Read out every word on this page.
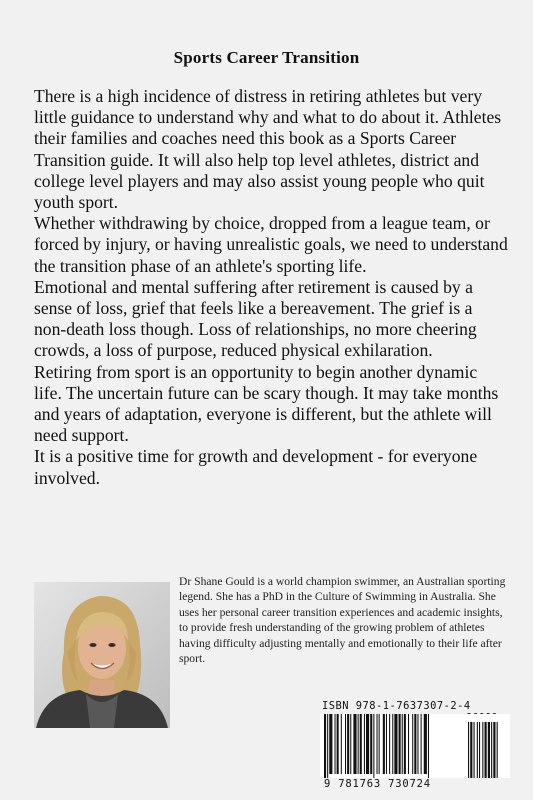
Sports Career Transition

There is a high incidence of distress in retiring athletes but very little guidance to understand why and what to do about it. Athletes their families and coaches need this book as a Sports Career Transition guide. It will also help top level athletes, district and college level players and may also assist young people who quit youth sport.

Whether withdrawing by choice, dropped from a league team, or forced by injury, or having unrealistic goals, we need to understand the transition phase of an athlete's sporting life.

Emotional and mental suffering after retirement is caused by a sense of loss, grief that feels like a bereavement. The grief is a non-death loss though. Loss of relationships, no more cheering crowds, a loss of purpose, reduced physical exhilaration.

Retiring from sport is an opportunity to begin another dynamic life. The uncertain future can be scary though. It may take months and years of adaptation, everyone is different, but the athlete will need support.

It is a positive time for growth and development - for everyone involved.

Dr Shane Gould is a world champion swimmer, an Australian sporting legend. She has a PhD in the Culture of Swimming in Australia. She uses her personal career transition experiences and academic insights, to provide fresh understanding of the growing problem of athletes having difficulty adjusting mentally and emotionally to their life after sport.
ISBN 978-1-7637307-2-4
9 781763 730724
